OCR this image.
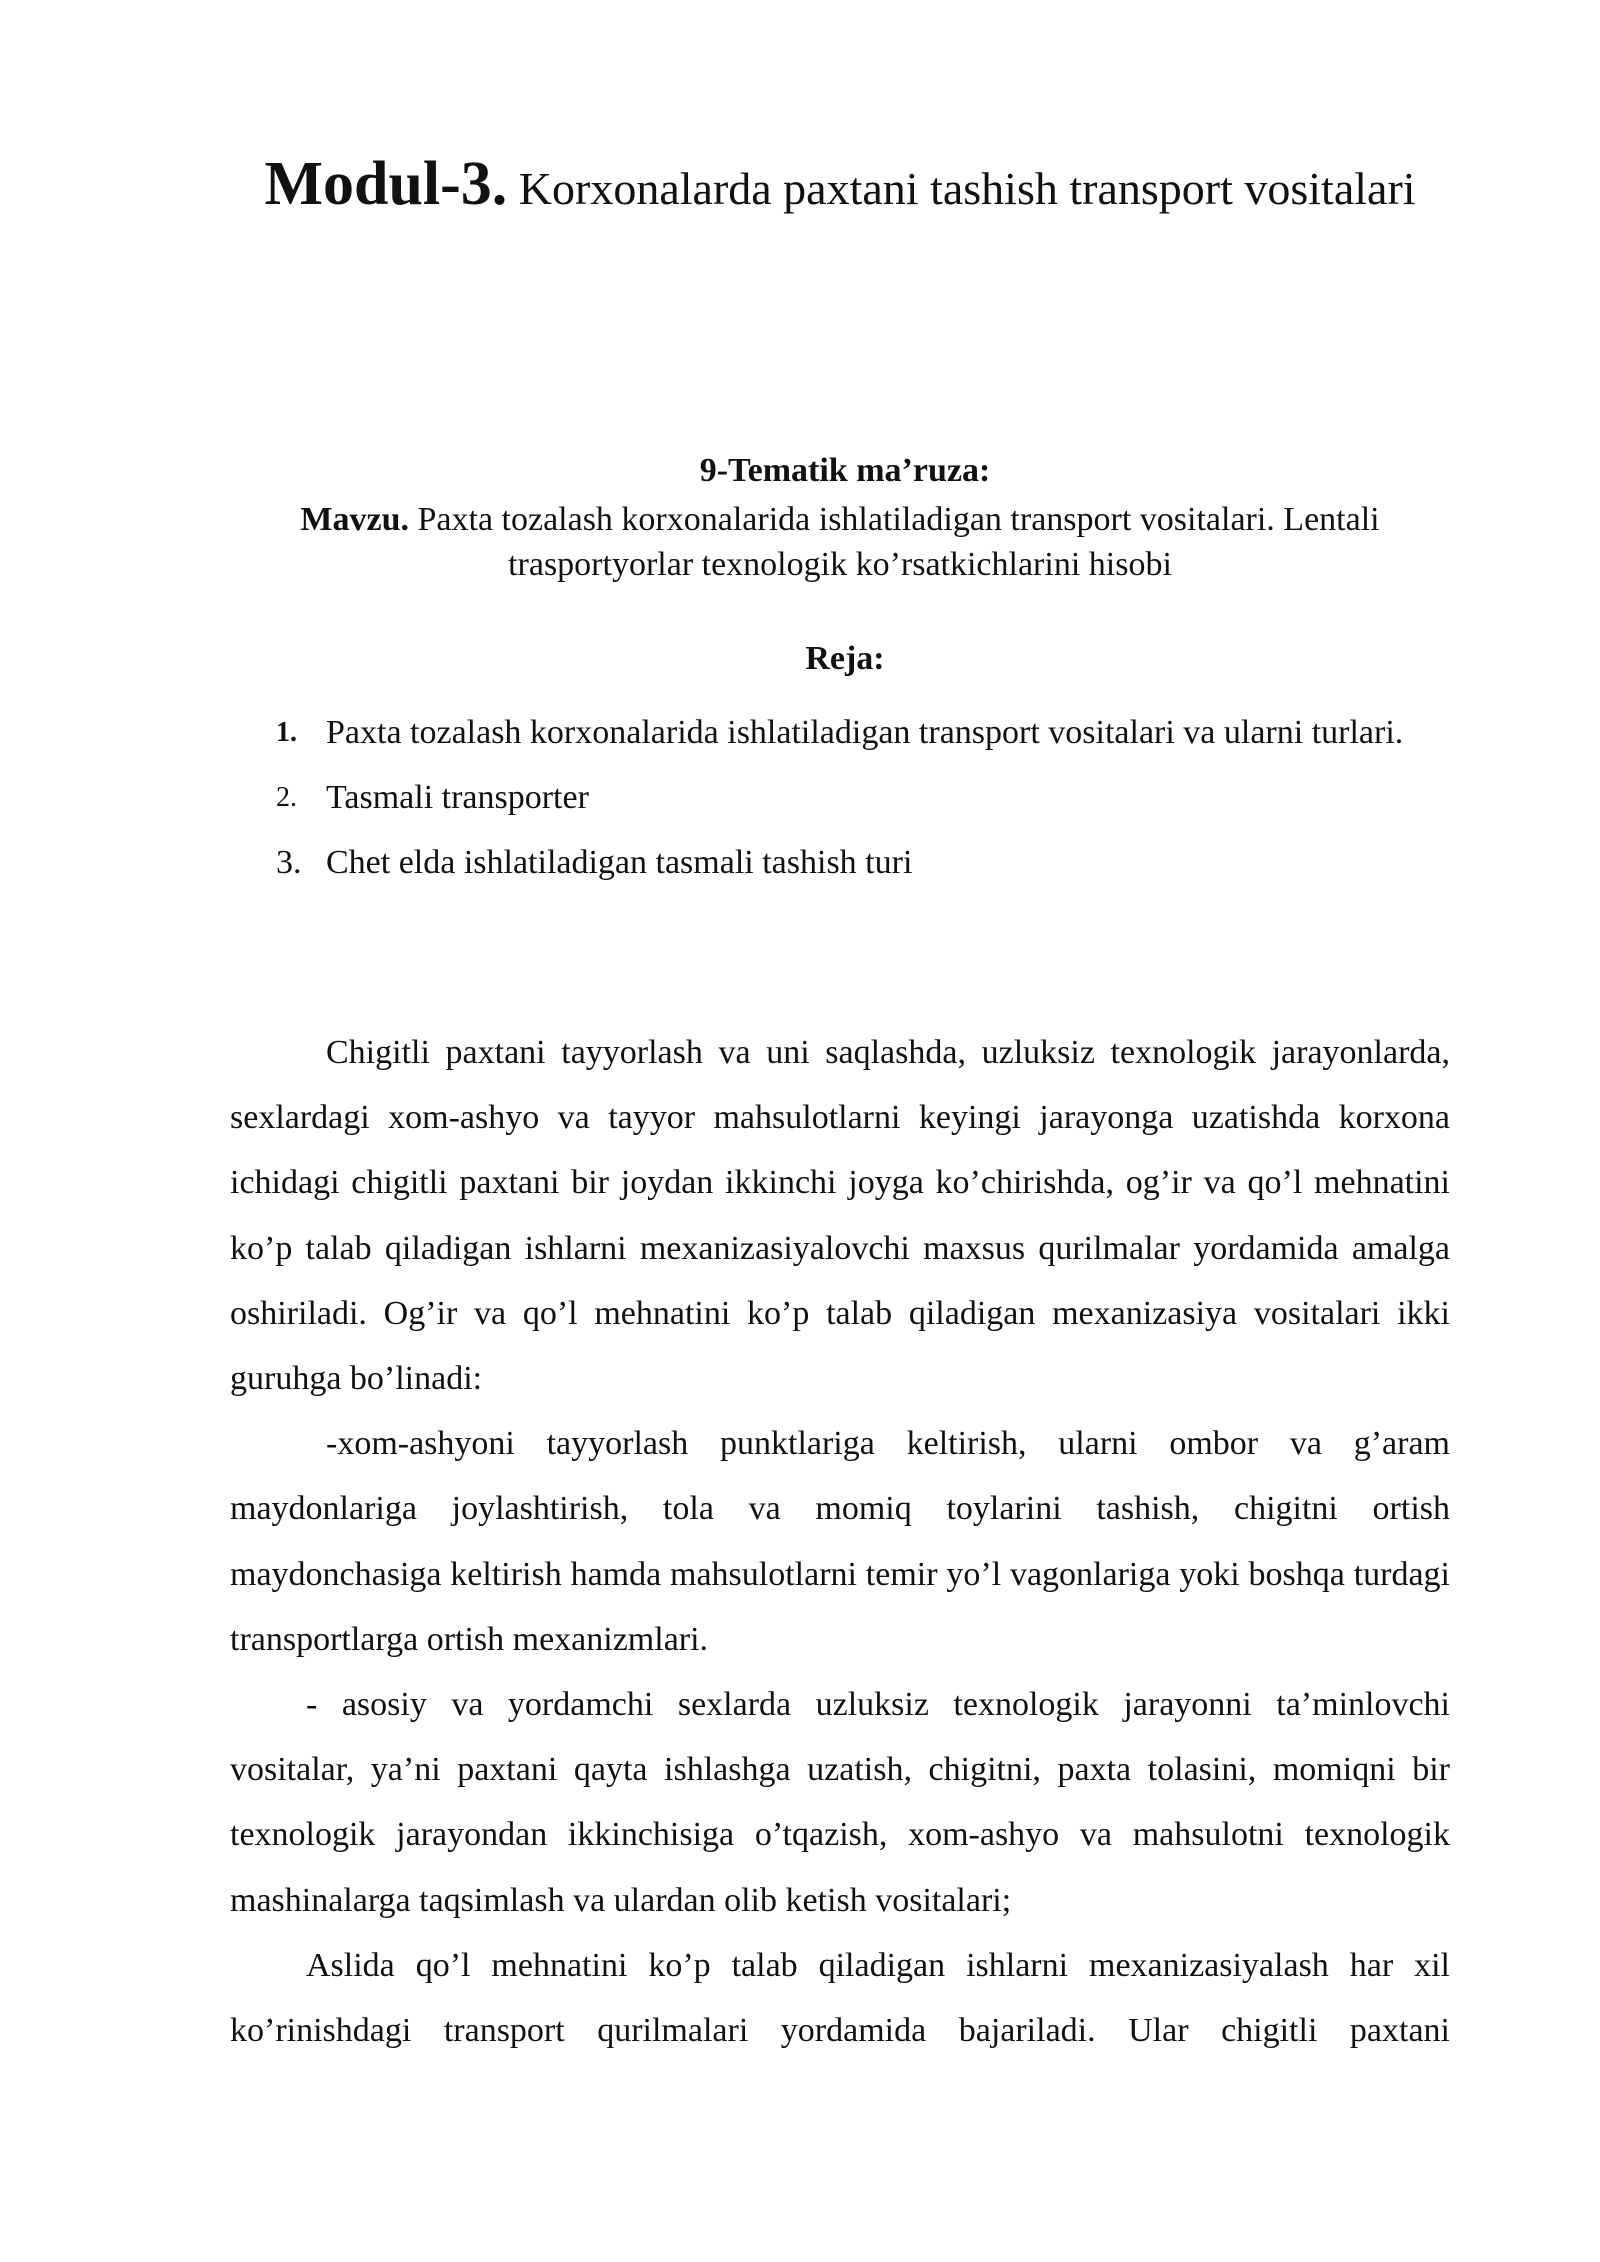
Modul-3. Korxonalarda paxtani tashish transport vositalari

9-Tematik ma’ruza:

Mavzu. Paxta tozalash korxonalarida ishlatiladigan transport vositalari. Lentali trasportyorlar texnologik ko’rsatkichlarini hisobi

Reja:

1. Paxta tozalash korxonalarida ishlatiladigan transport vositalari va ularni turlari.
2. Tasmali transporter
3. Chet elda ishlatiladigan tasmali tashish turi

Chigitli paxtani tayyorlash va uni saqlashda, uzluksiz texnologik jarayonlarda, sexlardagi xom-ashyo va tayyor mahsulotlarni keyingi jarayonga uzatishda korxona ichidagi chigitli paxtani bir joydan ikkinchi joyga ko’chirishda, og’ir va qo’l mehnatini ko’p talab qiladigan ishlarni mexanizasiyalovchi maxsus qurilmalar yordamida amalga oshiriladi. Og’ir va qo’l mehnatini ko’p talab qiladigan mexanizasiya vositalari ikki guruhga bo’linadi:

-xom-ashyoni tayyorlash punktlariga keltirish, ularni ombor va g’aram maydonlariga joylashtirish, tola va momiq toylarini tashish, chigitni ortish maydonchasiga keltirish hamda mahsulotlarni temir yo’l vagonlariga yoki boshqa turdagi transportlarga ortish mexanizmlari.

- asosiy va yordamchi sexlarda uzluksiz texnologik jarayonni ta’minlovchi vositalar, ya’ni paxtani qayta ishlashga uzatish, chigitni, paxta tolasini, momiqni bir texnologik jarayondan ikkinchisiga o’tqazish, xom-ashyo va mahsulotni texnologik mashinalarga taqsimlash va ulardan olib ketish vositalari;

Aslida qo’l mehnatini ko’p talab qiladigan ishlarni mexanizasiyalash har xil ko’rinishdagi transport qurilmalari yordamida bajariladi. Ular chigitli paxtani
